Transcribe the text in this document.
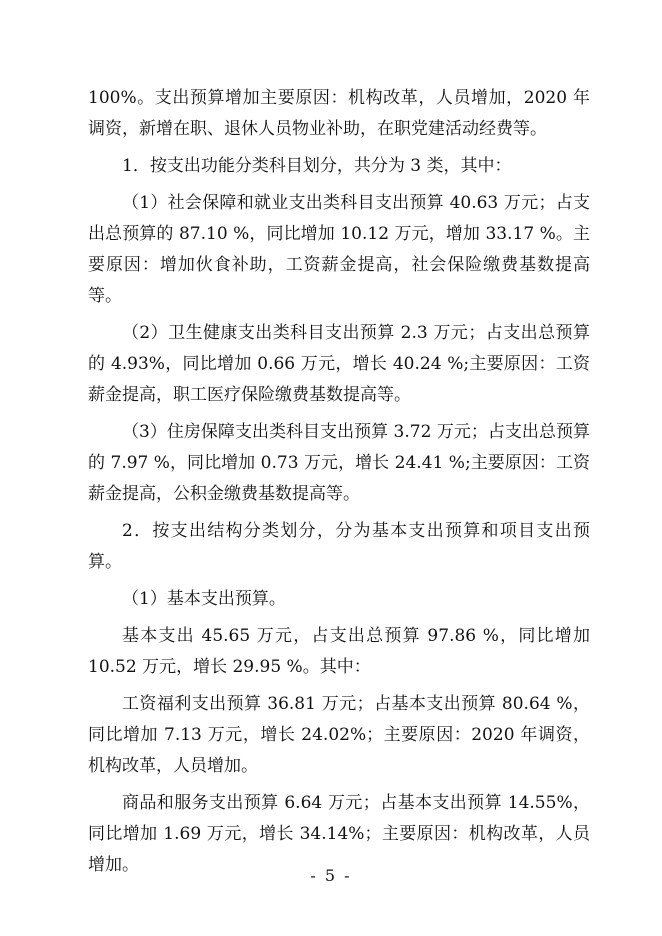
100%。支出预算增加主要原因：机构改革，人员增加，2020 年调资，新增在职、退休人员物业补助，在职党建活动经费等。

1．按支出功能分类科目划分，共分为 3 类，其中：

（1）社会保障和就业支出类科目支出预算 40.63 万元；占支出总预算的 87.10 %，同比增加 10.12 万元，增加 33.17 %。主要原因：增加伙食补助，工资薪金提高，社会保险缴费基数提高等。

（2）卫生健康支出类科目支出预算 2.3 万元；占支出总预算的 4.93%，同比增加 0.66 万元，增长 40.24 %;主要原因：工资薪金提高，职工医疗保险缴费基数提高等。

（3）住房保障支出类科目支出预算 3.72 万元；占支出总预算的 7.97 %，同比增加 0.73 万元，增长 24.41 %;主要原因：工资薪金提高，公积金缴费基数提高等。

2．按支出结构分类划分，分为基本支出预算和项目支出预算。

（1）基本支出预算。

基本支出 45.65 万元，占支出总预算 97.86 %，同比增加 10.52 万元，增长 29.95 %。其中：

工资福利支出预算 36.81 万元；占基本支出预算 80.64 %，同比增加 7.13 万元，增长 24.02%；主要原因：2020 年调资，机构改革，人员增加。

商品和服务支出预算 6.64 万元；占基本支出预算 14.55%，同比增加 1.69 万元，增长 34.14%；主要原因：机构改革，人员增加。

- 5 -
